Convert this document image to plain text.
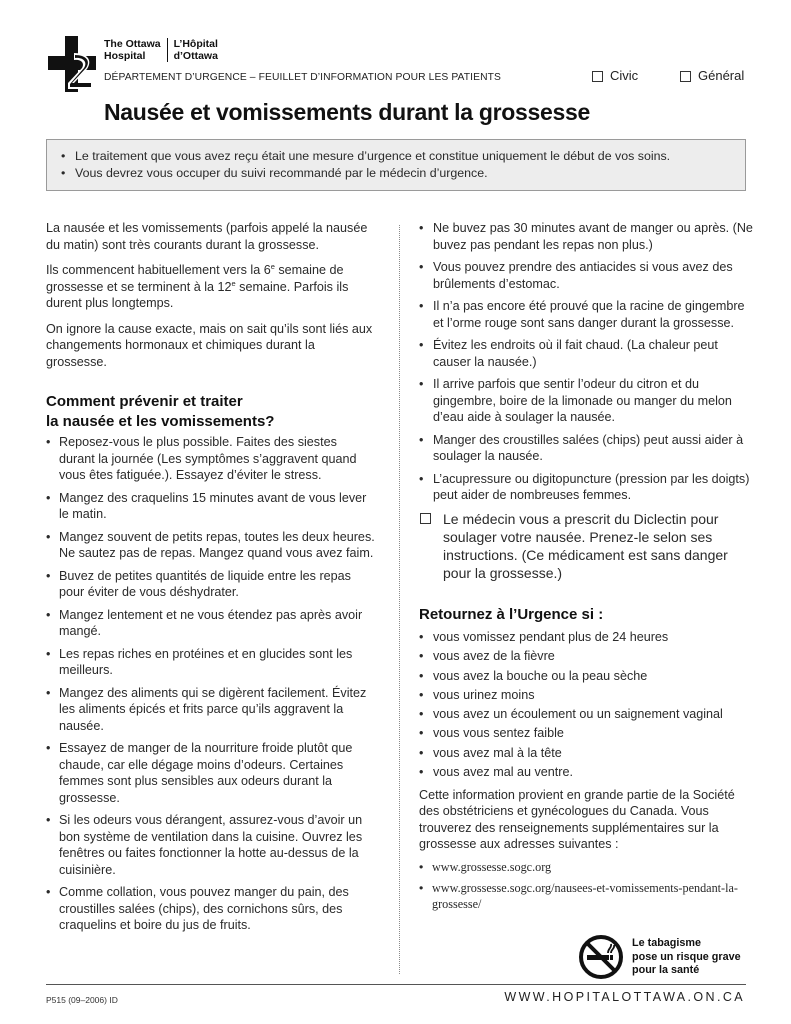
The Ottawa
Hospital
L’Hôpital
d’Ottawa
DÉPARTEMENT D’URGENCE – FEUILLET D’INFORMATION POUR LES PATIENTS	Civic	Général
Nausée et vomissements durant la grossesse
• Le traitement que vous avez reçu était une mesure d’urgence et constitue uniquement le début de vos soins.
• Vous devrez vous occuper du suivi recommandé par le médecin d’urgence.

La nausée et les vomissements (parfois appelé la nausée du matin) sont très courants durant la grossesse.

Ils commencent habituellement vers la 6e semaine de grossesse et se terminent à la 12e semaine. Parfois ils durent plus longtemps.

On ignore la cause exacte, mais on sait qu’ils sont liés aux changements hormonaux et chimiques durant la grossesse.

Comment prévenir et traiter
la nausée et les vomissements?
• Reposez-vous le plus possible. Faites des siestes durant la journée (Les symptômes s’aggravent quand vous êtes fatiguée.). Essayez d’éviter le stress.
• Mangez des craquelins 15 minutes avant de vous lever le matin.
• Mangez souvent de petits repas, toutes les deux heures. Ne sautez pas de repas. Mangez quand vous avez faim.
• Buvez de petites quantités de liquide entre les repas pour éviter de vous déshydrater.
• Mangez lentement et ne vous étendez pas après avoir mangé.
• Les repas riches en protéines et en glucides sont les meilleurs.
• Mangez des aliments qui se digèrent facilement. Évitez les aliments épicés et frits parce qu’ils aggravent la nausée.
• Essayez de manger de la nourriture froide plutôt que chaude, car elle dégage moins d’odeurs. Certaines femmes sont plus sensibles aux odeurs durant la grossesse.
• Si les odeurs vous dérangent, assurez-vous d’avoir un bon système de ventilation dans la cuisine. Ouvrez les fenêtres ou faites fonctionner la hotte au-dessus de la cuisinière.
• Comme collation, vous pouvez manger du pain, des croustilles salées (chips), des cornichons sûrs, des craquelins et boire du jus de fruits.
• Ne buvez pas 30 minutes avant de manger ou après. (Ne buvez pas pendant les repas non plus.)
• Vous pouvez prendre des antiacides si vous avez des brûlements d’estomac.
• Il n’a pas encore été prouvé que la racine de gingembre et l’orme rouge sont sans danger durant la grossesse.
• Évitez les endroits où il fait chaud. (La chaleur peut causer la nausée.)
• Il arrive parfois que sentir l’odeur du citron et du gingembre, boire de la limonade ou manger du melon d’eau aide à soulager la nausée.
• Manger des croustilles salées (chips) peut aussi aider à soulager la nausée.
• L’acupressure ou digitopuncture (pression par les doigts) peut aider de nombreuses femmes.
Le médecin vous a prescrit du Diclectin pour soulager votre nausée. Prenez-le selon ses instructions. (Ce médicament est sans danger pour la grossesse.)
Retournez à l’Urgence si :
• vous vomissez pendant plus de 24 heures
• vous avez de la fièvre
• vous avez la bouche ou la peau sèche
• vous urinez moins
• vous avez un écoulement ou un saignement vaginal
• vous vous sentez faible
• vous avez mal à la tête
• vous avez mal au ventre.

Cette information provient en grande partie de la Société des obstétriciens et gynécologues du Canada. Vous trouverez des renseignements supplémentaires sur la grossesse aux adresses suivantes :

• www.grossesse.sogc.org
• www.grossesse.sogc.org/nausees-et-vomissements-pendant-la-grossesse/
Le tabagisme
pose un risque grave
pour la santé
P515 (09–2006) ID	WWW.HOPITALOTTAWA.ON.CA
